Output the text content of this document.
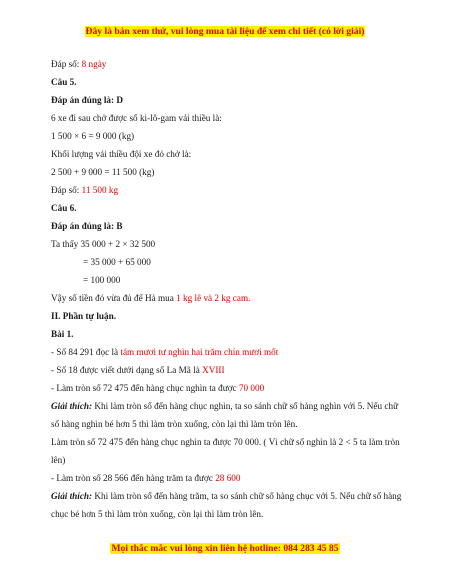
Đây là bản xem thử, vui lòng mua tài liệu để xem chi tiết (có lời giải)
Đáp số: 8 ngày
Câu 5.
Đáp án đúng là: D
6 xe đi sau chở được số ki-lô-gam vải thiều là:
1 500 × 6 = 9 000 (kg)
Khối lượng vải thiều đội xe đó chở là:
2 500 + 9 000 = 11 500 (kg)
Đáp số: 11 500 kg
Câu 6.
Đáp án đúng là: B
Ta thấy 35 000 + 2 × 32 500
= 35 000 + 65 000
= 100 000
Vậy số tiền đó vừa đủ để Hà mua 1 kg lê và 2 kg cam.
II. Phần tự luận.
Bài 1.
- Số 84 291 đọc là tám mươi tư nghìn hai trăm chín mươi mốt
- Số 18 được viết dưới dạng số La Mã là XVIII
- Làm tròn số 72 475 đến hàng chục nghìn ta được 70 000
Giải thích: Khi làm tròn số đến hàng chục nghìn, ta so sánh chữ số hàng nghìn với 5. Nếu chữ số hàng nghìn bé hơn 5 thì làm tròn xuống, còn lại thì làm tròn lên.
Làm tròn số 72 475 đến hàng chục nghìn ta được 70 000. ( Vì chữ số nghìn là 2 < 5 ta làm tròn lên)
- Làm tròn số 28 566 đến hàng trăm ta được 28 600
Giải thích: Khi làm tròn số đến hàng trăm, ta so sánh chữ số hàng chục với 5. Nếu chữ số hàng chục bé hơn 5 thì làm tròn xuống, còn lại thì làm tròn lên.
Mọi thắc mắc vui lòng xin liên hệ hotline: 084 283 45 85
